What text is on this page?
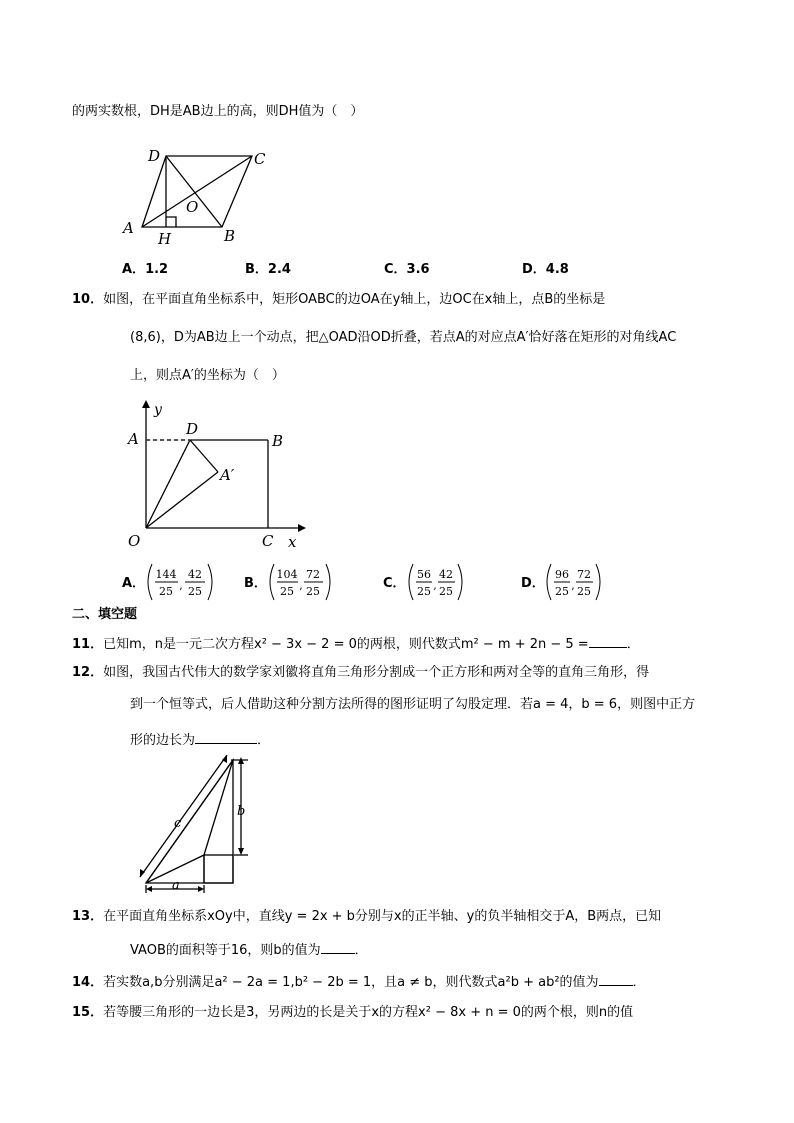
的两实数根，DH是AB边上的高，则DH值为（　）
D	C
A	B
O
H
A．1.2	B．2.4	C．3.6	D．4.8
10．如图，在平面直角坐标系中，矩形OABC的边OA在y轴上，边OC在x轴上，点B的坐标是
(8,6)，D为AB边上一个动点，把△OAD沿OD折叠，若点A的对应点A′恰好落在矩形的对角线AC
上，则点A′的坐标为（　）
y
x
A
D
B
A′
O	C
A．	B．	C．	D．
144
25 ,
42
25
104
25 ,
72
25
56
25 ,
42
25
96
25 ,
72
25
二、填空题
11．已知m，n是一元二次方程x² − 3x − 2 = 0的两根，则代数式m² − m + 2n − 5 =	．
12．如图，我国古代伟大的数学家刘徽将直角三角形分割成一个正方形和两对全等的直角三角形，得
到一个恒等式，后人借助这种分割方法所得的图形证明了勾股定理．若a = 4，b = 6，则图中正方
形的边长为	．
c
b
a
13．在平面直角坐标系xOy中，直线y = 2x + b分别与x的正半轴、y的负半轴相交于A，B两点，已知
VAOB的面积等于16，则b的值为	．
14．若实数a,b分别满足a² − 2a = 1,b² − 2b = 1，且a ≠ b，则代数式a²b + ab²的值为	．
15．若等腰三角形的一边长是3，另两边的长是关于x的方程x² − 8x + n = 0的两个根，则n的值
